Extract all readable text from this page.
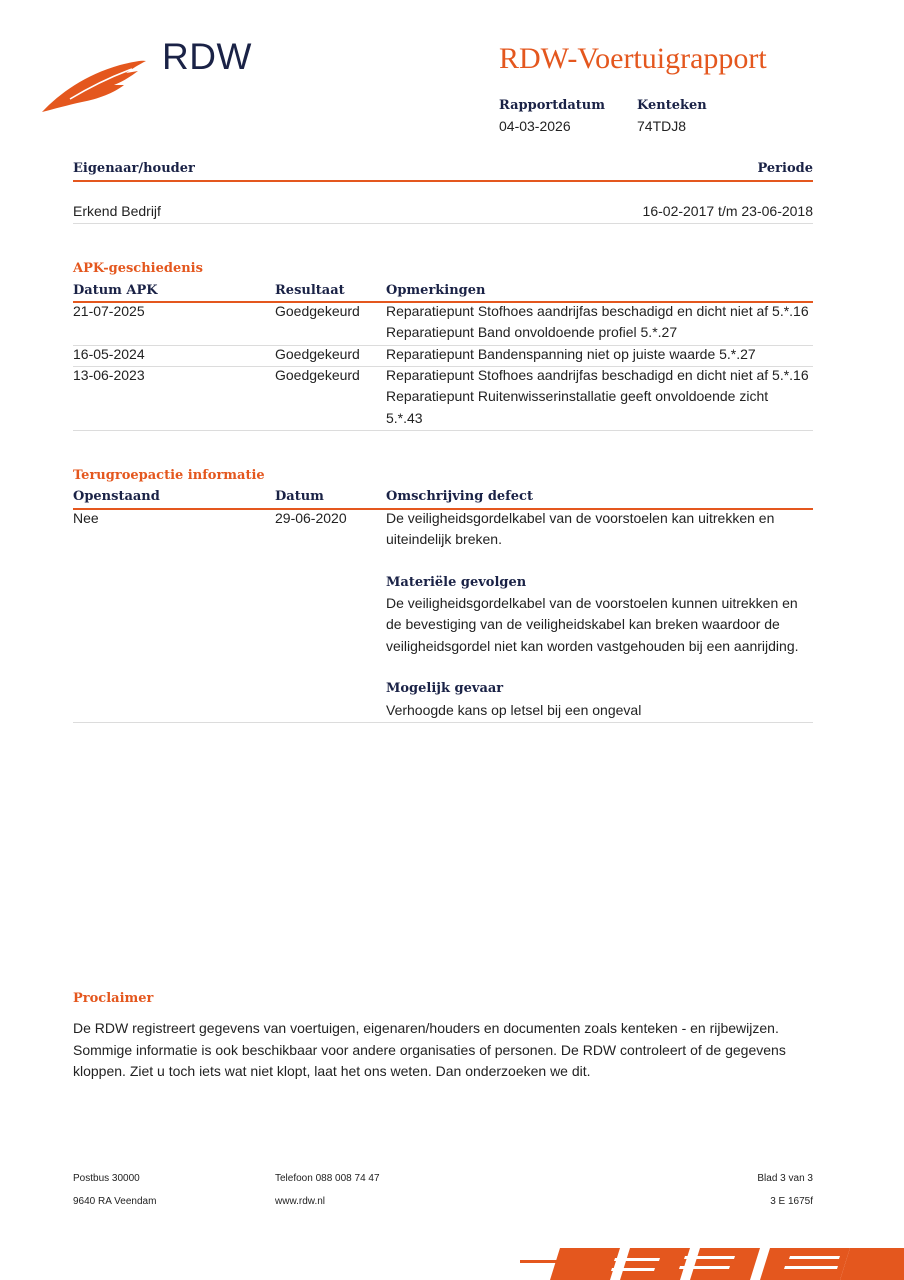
RDW	RDW-Voertuigrapport
Rapportdatum
04-03-2026
Kenteken
74TDJ8
Eigenaar/houder	Periode
Erkend Bedrijf	16-02-2017 t/m 23-06-2018
APK-geschiedenis
Datum APK	Resultaat	Opmerkingen
21-07-2025	Goedgekeurd Reparatiepunt Stofhoes aandrijfas beschadigd en dicht niet af 5.*.16
Reparatiepunt Band onvoldoende profiel 5.*.27
16-05-2024	Goedgekeurd Reparatiepunt Bandenspanning niet op juiste waarde 5.*.27
13-06-2023	Goedgekeurd Reparatiepunt Stofhoes aandrijfas beschadigd en dicht niet af 5.*.16
Reparatiepunt Ruitenwisserinstallatie geeft onvoldoende zicht
5.*.43
Terugroepactie informatie
Openstaand	Datum	Omschrijving defect
Nee	29-06-2020	De veiligheidsgordelkabel van de voorstoelen kan uitrekken en
uiteindelijk breken.
Materiële gevolgen
De veiligheidsgordelkabel van de voorstoelen kunnen uitrekken en
de bevestiging van de veiligheidskabel kan breken waardoor de
veiligheidsgordel niet kan worden vastgehouden bij een aanrijding.
Mogelijk gevaar
Verhoogde kans op letsel bij een ongeval
Proclaimer
De RDW registreert gegevens van voertuigen, eigenaren/houders en documenten zoals kenteken - en rijbewijzen.
Sommige informatie is ook beschikbaar voor andere organisaties of personen. De RDW controleert of de gegevens
kloppen. Ziet u toch iets wat niet klopt, laat het ons weten. Dan onderzoeken we dit.
Postbus 30000
9640 RA Veendam
Telefoon 088 008 74 47
www.rdw.nl
Blad 3 van 3
3 E 1675f
